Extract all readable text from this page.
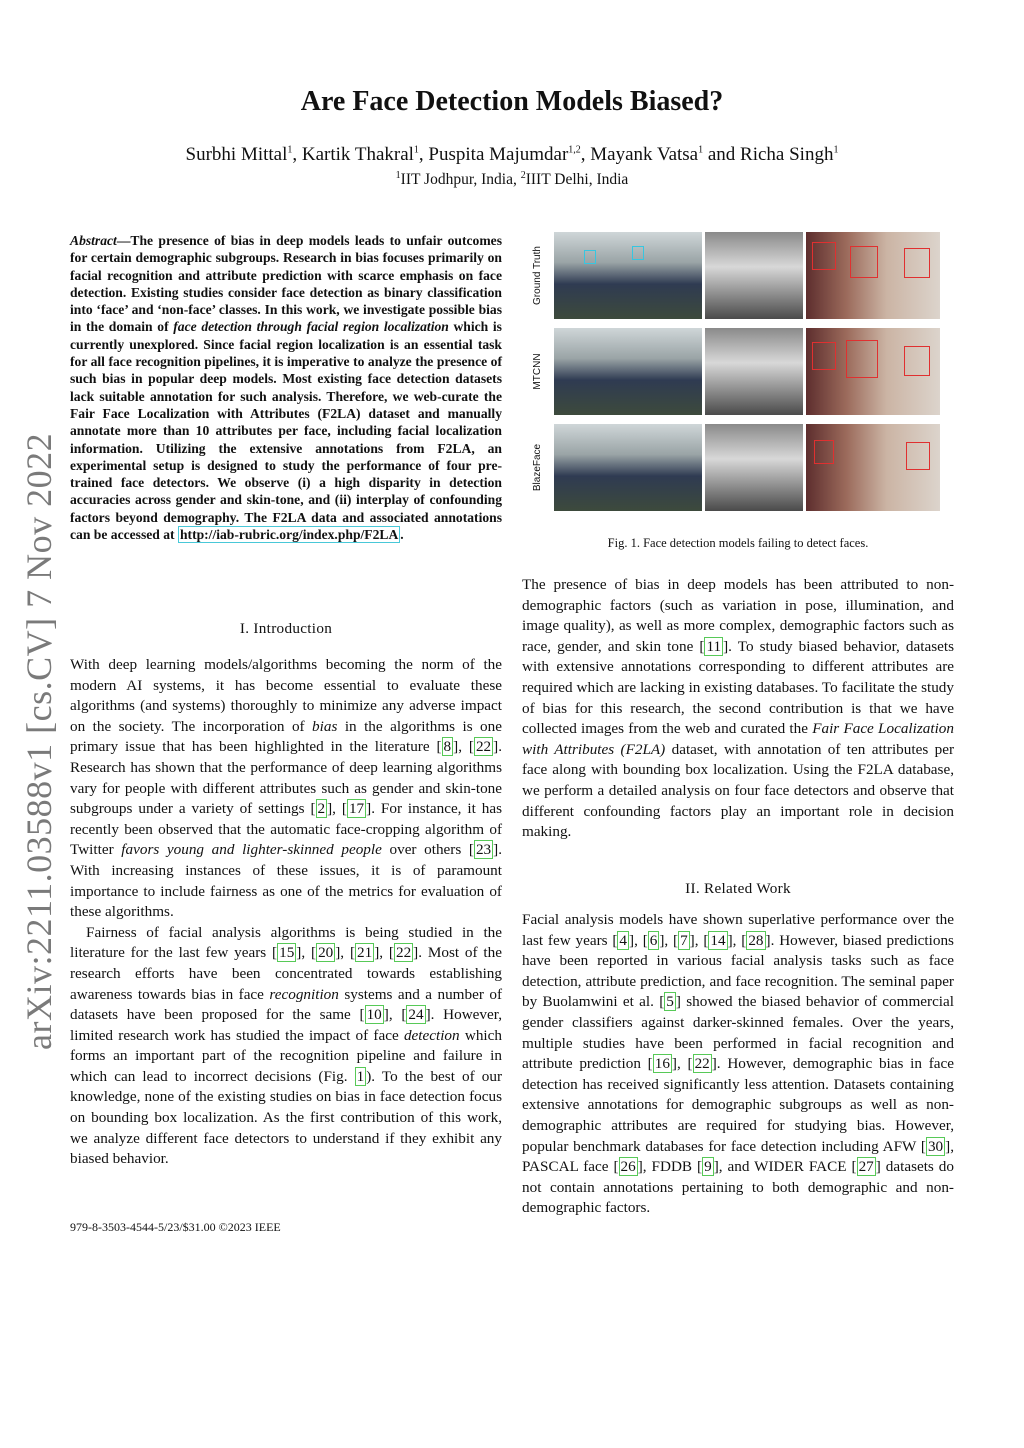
Are Face Detection Models Biased?
Surbhi Mittal$^1$, Kartik Thakral$^1$, Puspita Majumdar$^{1,2}$, Mayank Vatsa$^1$ and Richa Singh$^1$
$^1$IIT Jodhpur, India, $^2$IIIT Delhi, India
arXiv:2211.03588v1 [cs.CV] 7 Nov 2022
Abstract—The presence of bias in deep models leads to unfair outcomes for certain demographic subgroups. Research in bias focuses primarily on facial recognition and attribute prediction with scarce emphasis on face detection. Existing studies consider face detection as binary classification into ‘face’ and ‘non-face’ classes. In this work, we investigate possible bias in the domain of face detection through facial region localization which is currently unexplored. Since facial region localization is an essential task for all face recognition pipelines, it is imperative to analyze the presence of such bias in popular deep models. Most existing face detection datasets lack suitable annotation for such analysis. Therefore, we web-curate the Fair Face Localization with Attributes (F2LA) dataset and manually annotate more than 10 attributes per face, including facial localization information. Utilizing the extensive annotations from F2LA, an experimental setup is designed to study the performance of four pre-trained face detectors. We observe (i) a high disparity in detection accuracies across gender and skin-tone, and (ii) interplay of confounding factors beyond demography. The F2LA data and associated annotations can be accessed at http://iab-rubric.org/index.php/F2LA .
I. Introduction
With deep learning models/algorithms becoming the norm of the modern AI systems, it has become essential to evaluate these algorithms (and systems) thoroughly to minimize any adverse impact on the society. The incorporation of bias in the algorithms is one primary issue that has been highlighted in the literature [ 8 ], [ 22 ]. Research has shown that the performance of deep learning algorithms vary for people with different attributes such as gender and skin-tone subgroups under a variety of settings [ 2 ], [ 17 ]. For instance, it has recently been observed that the automatic face-cropping algorithm of Twitter favors young and lighter-skinned people over others [ 23 ]. With increasing instances of these issues, it is of paramount importance to include fairness as one of the metrics for evaluation of these algorithms.
Fairness of facial analysis algorithms is being studied in the literature for the last few years [ 15 ], [ 20 ], [ 21 ], [ 22 ]. Most of the research efforts have been concentrated towards establishing awareness towards bias in face recognition systems and a number of datasets have been proposed for the same [ 10 ], [ 24 ]. However, limited research work has studied the impact of face detection which forms an important part of the recognition pipeline and failure in which can lead to incorrect decisions (Fig. 1 ). To the best of our knowledge, none of the existing studies on bias in face detection focus on bounding box localization. As the first contribution of this work, we analyze different face detectors to understand if they exhibit any biased behavior.
979-8-3503-4544-5/23/$31.00 ©2023 IEEE
Ground Truth
MTCNN
BlazeFace
Fig. 1. Face detection models failing to detect faces.
The presence of bias in deep models has been attributed to non-demographic factors (such as variation in pose, illumination, and image quality), as well as more complex, demographic factors such as race, gender, and skin tone [ 11 ]. To study biased behavior, datasets with extensive annotations corresponding to different attributes are required which are lacking in existing databases. To facilitate the study of bias for this research, the second contribution is that we have collected images from the web and curated the Fair Face Localization with Attributes (F2LA) dataset, with annotation of ten attributes per face along with bounding box localization. Using the F2LA database, we perform a detailed analysis on four face detectors and observe that different confounding factors play an important role in decision making.
II. Related Work
Facial analysis models have shown superlative performance over the last few years [ 4 ], [ 6 ], [ 7 ], [ 14 ], [ 28 ]. However, biased predictions have been reported in various facial analysis tasks such as face detection, attribute prediction, and face recognition. The seminal paper by Buolamwini et al. [ 5 ] showed the biased behavior of commercial gender classifiers against darker-skinned females. Over the years, multiple studies have been performed in facial recognition and attribute prediction [ 16 ], [ 22 ]. However, demographic bias in face detection has received significantly less attention. Datasets containing extensive annotations for demographic subgroups as well as non-demographic attributes are required for studying bias. However, popular benchmark databases for face detection including AFW [ 30 ], PASCAL face [ 26 ], FDDB [ 9 ], and WIDER FACE [ 27 ] datasets do not contain annotations pertaining to both demographic and non-demographic factors.
